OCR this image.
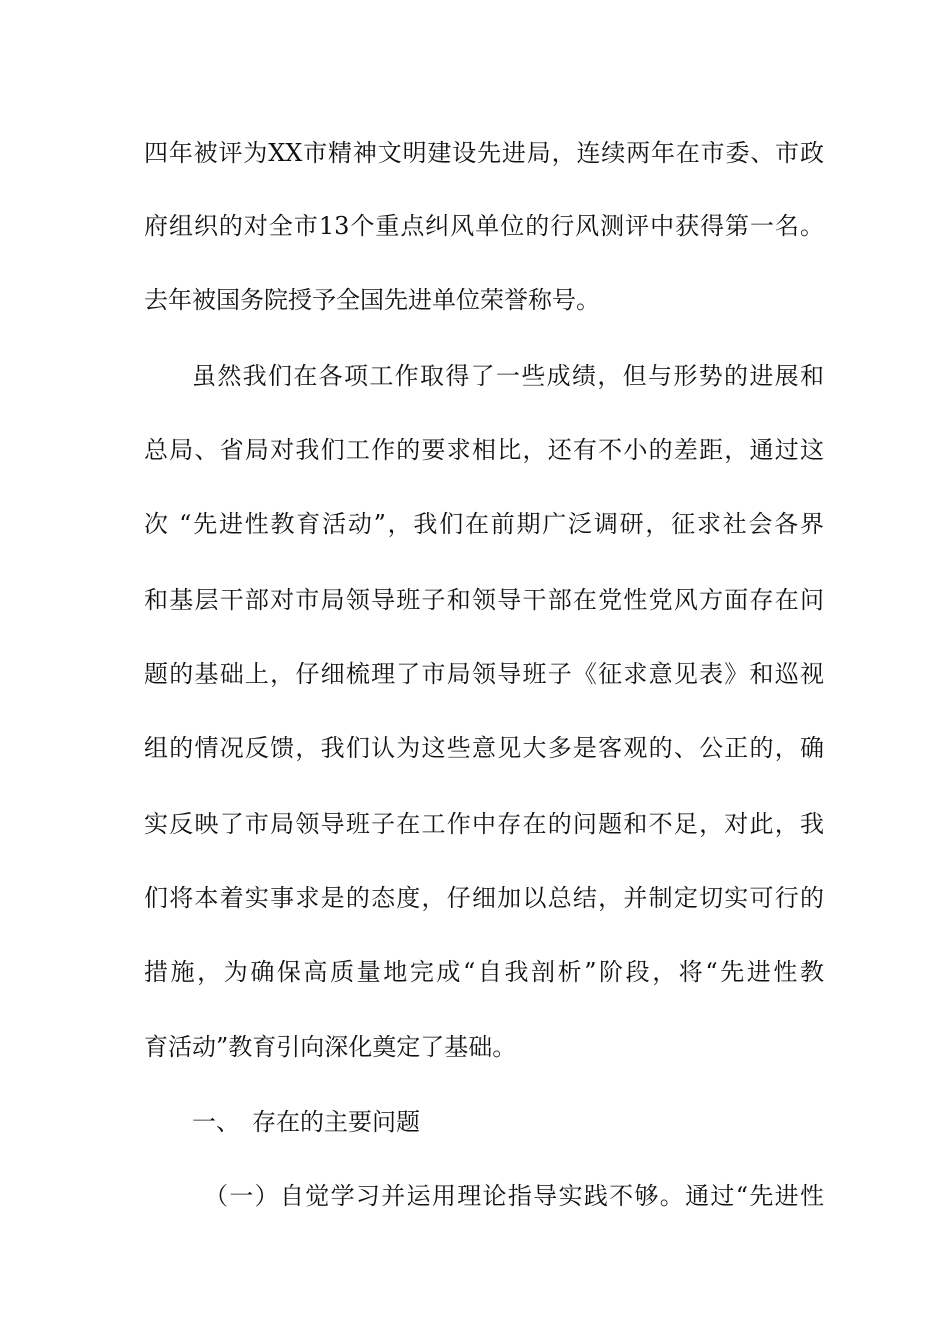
四年被评为XX市精神文明建设先进局，连续两年在市委、市政
府组织的对全市13个重点纠风单位的行风测评中获得第一名。
去年被国务院授予全国先进单位荣誉称号。
虽然我们在各项工作取得了一些成绩，但与形势的进展和
总局、省局对我们工作的要求相比，还有不小的差距，通过这
次 “先进性教育活动”，我们在前期广泛调研，征求社会各界
和基层干部对市局领导班子和领导干部在党性党风方面存在问
题的基础上，仔细梳理了市局领导班子《征求意见表》和巡视
组的情况反馈，我们认为这些意见大多是客观的、公正的，确
实反映了市局领导班子在工作中存在的问题和不足，对此，我
们将本着实事求是的态度，仔细加以总结，并制定切实可行的
措施，为确保高质量地完成“自我剖析”阶段，将“先进性教
育活动”教育引向深化奠定了基础。
一、 存在的主要问题
（一）自觉学习并运用理论指导实践不够。通过“先进性
